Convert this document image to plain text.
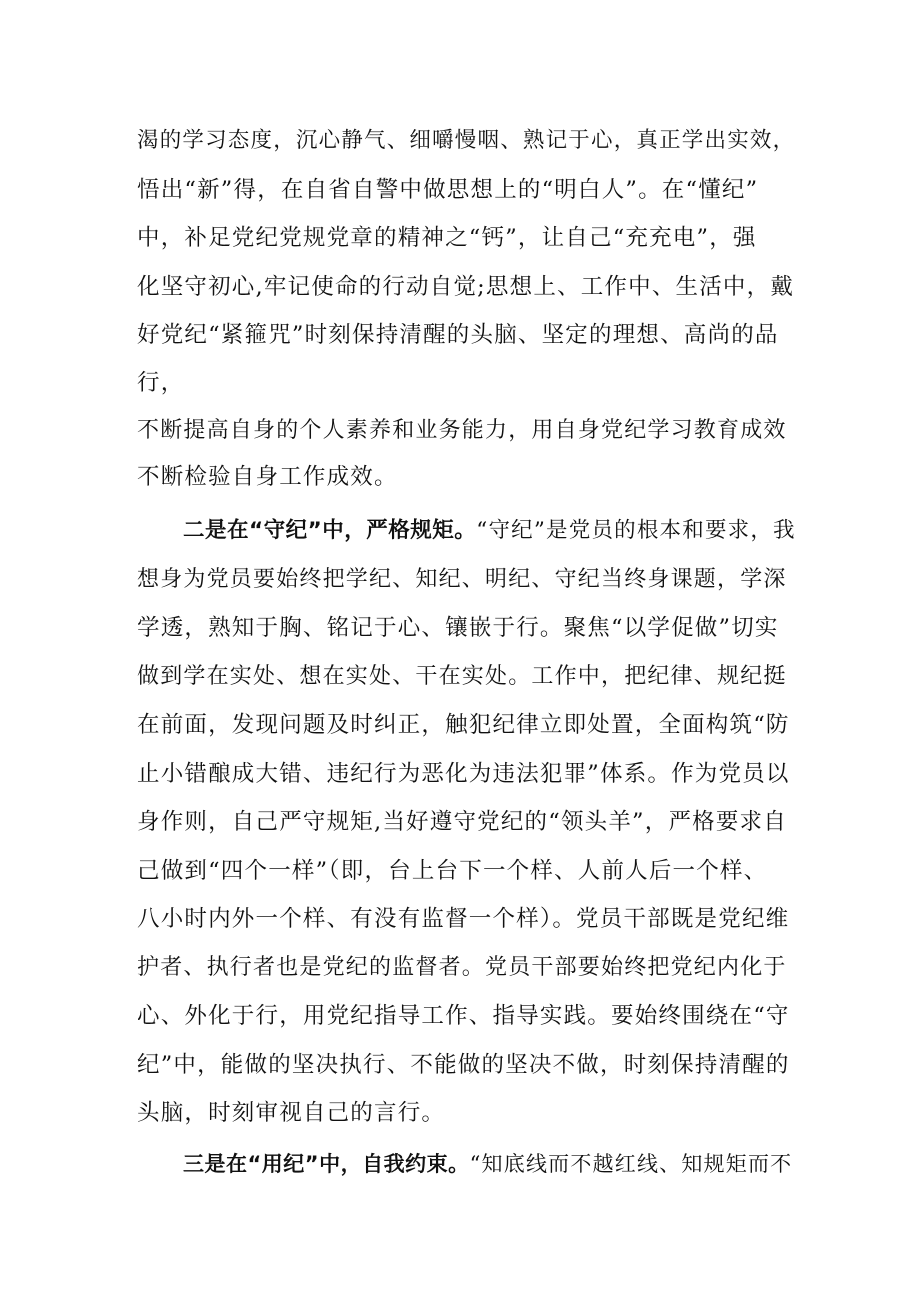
渴的学习态度，沉心静气、细嚼慢咽、熟记于心，真正学出实效，
悟出“新”得，在自省自警中做思想上的“明白人”。在“懂纪”
中，补足党纪党规党章的精神之“钙”，让自己“充充电”，强
化坚守初心,牢记使命的行动自觉;思想上、工作中、生活中，戴
好党纪“紧箍咒”时刻保持清醒的头脑、坚定的理想、高尚的品
行，
不断提高自身的个人素养和业务能力，用自身党纪学习教育成效
不断检验自身工作成效。
二是在“守纪”中，严格规矩。“守纪”是党员的根本和要求，我
想身为党员要始终把学纪、知纪、明纪、守纪当终身课题，学深
学透，熟知于胸、铭记于心、镶嵌于行。聚焦“以学促做”切实
做到学在实处、想在实处、干在实处。工作中，把纪律、规纪挺
在前面，发现问题及时纠正，触犯纪律立即处置，全面构筑“防
止小错酿成大错、违纪行为恶化为违法犯罪”体系。作为党员以
身作则，自己严守规矩,当好遵守党纪的“领头羊”，严格要求自
己做到“四个一样”（即，台上台下一个样、人前人后一个样、
八小时内外一个样、有没有监督一个样）。党员干部既是党纪维
护者、执行者也是党纪的监督者。党员干部要始终把党纪内化于
心、外化于行，用党纪指导工作、指导实践。要始终围绕在“守
纪”中，能做的坚决执行、不能做的坚决不做，时刻保持清醒的
头脑，时刻审视自己的言行。
三是在“用纪”中，自我约束。“知底线而不越红线、知规矩而不
